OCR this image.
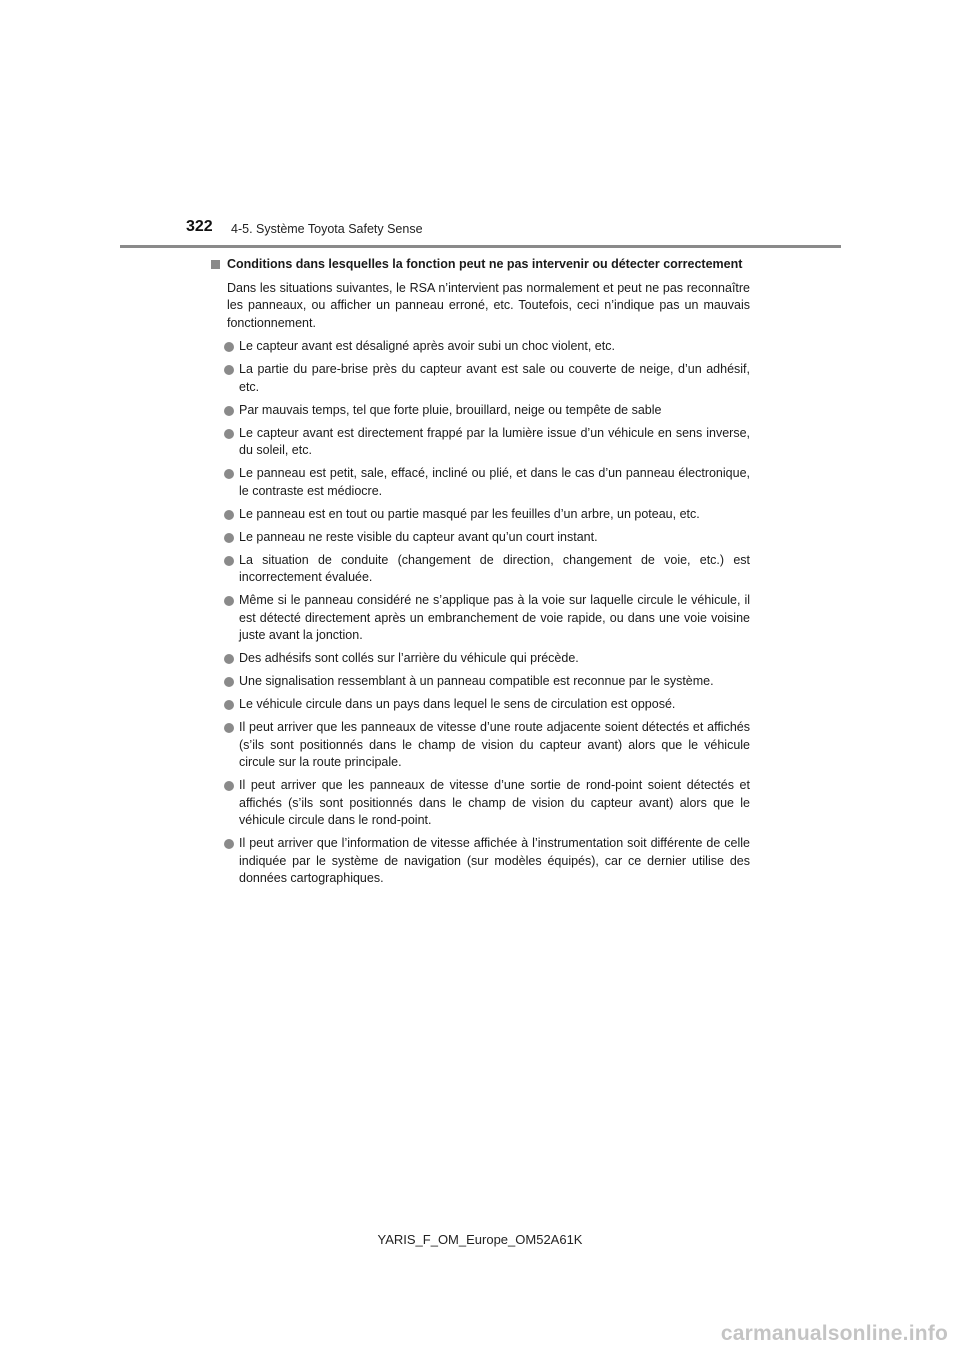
322 4-5. Système Toyota Safety Sense
Conditions dans lesquelles la fonction peut ne pas intervenir ou détecter correctement
Dans les situations suivantes, le RSA n’intervient pas normalement et peut ne pas reconnaître les panneaux, ou afficher un panneau erroné, etc. Toutefois, ceci n’indique pas un mauvais fonctionnement.
Le capteur avant est désaligné après avoir subi un choc violent, etc.
La partie du pare-brise près du capteur avant est sale ou couverte de neige, d’un adhésif, etc.
Par mauvais temps, tel que forte pluie, brouillard, neige ou tempête de sable
Le capteur avant est directement frappé par la lumière issue d’un véhicule en sens inverse, du soleil, etc.
Le panneau est petit, sale, effacé, incliné ou plié, et dans le cas d’un panneau électronique, le contraste est médiocre.
Le panneau est en tout ou partie masqué par les feuilles d’un arbre, un poteau, etc.
Le panneau ne reste visible du capteur avant qu’un court instant.
La situation de conduite (changement de direction, changement de voie, etc.) est incorrectement évaluée.
Même si le panneau considéré ne s’applique pas à la voie sur laquelle circule le véhicule, il est détecté directement après un embranchement de voie rapide, ou dans une voie voisine juste avant la jonction.
Des adhésifs sont collés sur l’arrière du véhicule qui précède.
Une signalisation ressemblant à un panneau compatible est reconnue par le système.
Le véhicule circule dans un pays dans lequel le sens de circulation est opposé.
Il peut arriver que les panneaux de vitesse d’une route adjacente soient détectés et affichés (s’ils sont positionnés dans le champ de vision du capteur avant) alors que le véhicule circule sur la route principale.
Il peut arriver que les panneaux de vitesse d’une sortie de rond-point soient détectés et affichés (s’ils sont positionnés dans le champ de vision du capteur avant) alors que le véhicule circule dans le rond-point.
Il peut arriver que l’information de vitesse affichée à l’instrumentation soit différente de celle indiquée par le système de navigation (sur modèles équipés), car ce dernier utilise des données cartographiques.
YARIS_F_OM_Europe_OM52A61K
carmanualsonline.info
